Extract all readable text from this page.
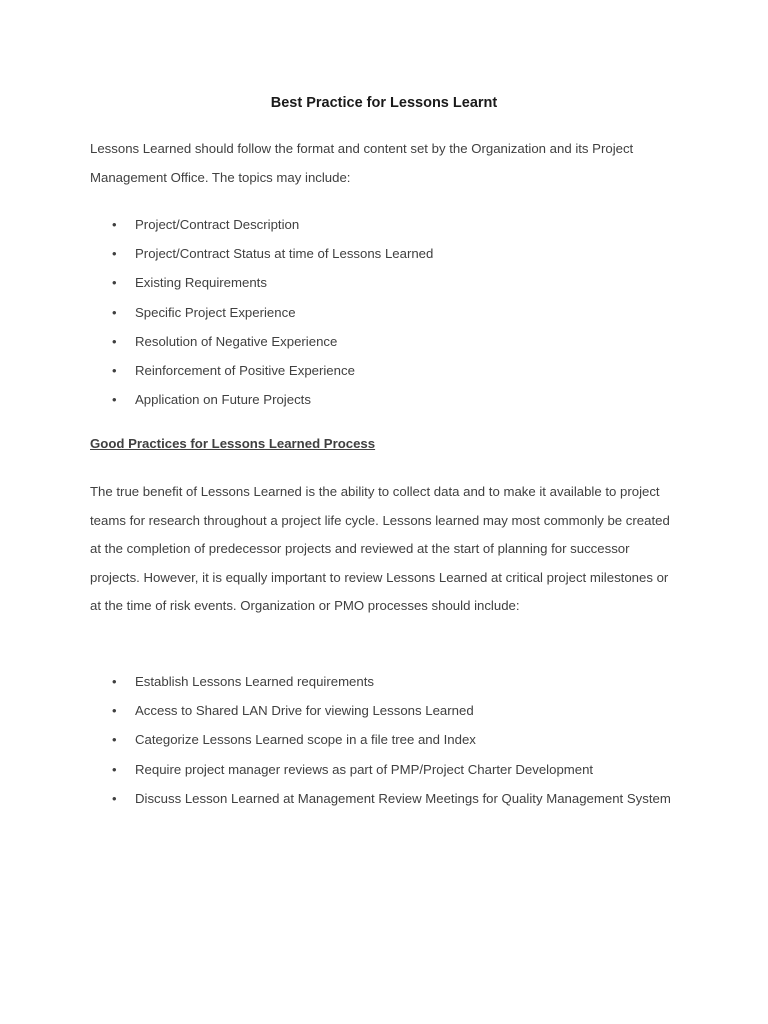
Best Practice for Lessons Learnt

Lessons Learned should follow the format and content set by the Organization and its Project Management Office. The topics may include:

• Project/Contract Description
• Project/Contract Status at time of Lessons Learned
• Existing Requirements
• Specific Project Experience
• Resolution of Negative Experience
• Reinforcement of Positive Experience
• Application on Future Projects
Good Practices for Lessons Learned Process

The true benefit of Lessons Learned is the ability to collect data and to make it available to project teams for research throughout a project life cycle. Lessons learned may most commonly be created at the completion of predecessor projects and reviewed at the start of planning for successor projects. However, it is equally important to review Lessons Learned at critical project milestones or at the time of risk events. Organization or PMO processes should include:

• Establish Lessons Learned requirements
• Access to Shared LAN Drive for viewing Lessons Learned
• Categorize Lessons Learned scope in a file tree and Index
• Require project manager reviews as part of PMP/Project Charter Development
• Discuss Lesson Learned at Management Review Meetings for Quality Management System
